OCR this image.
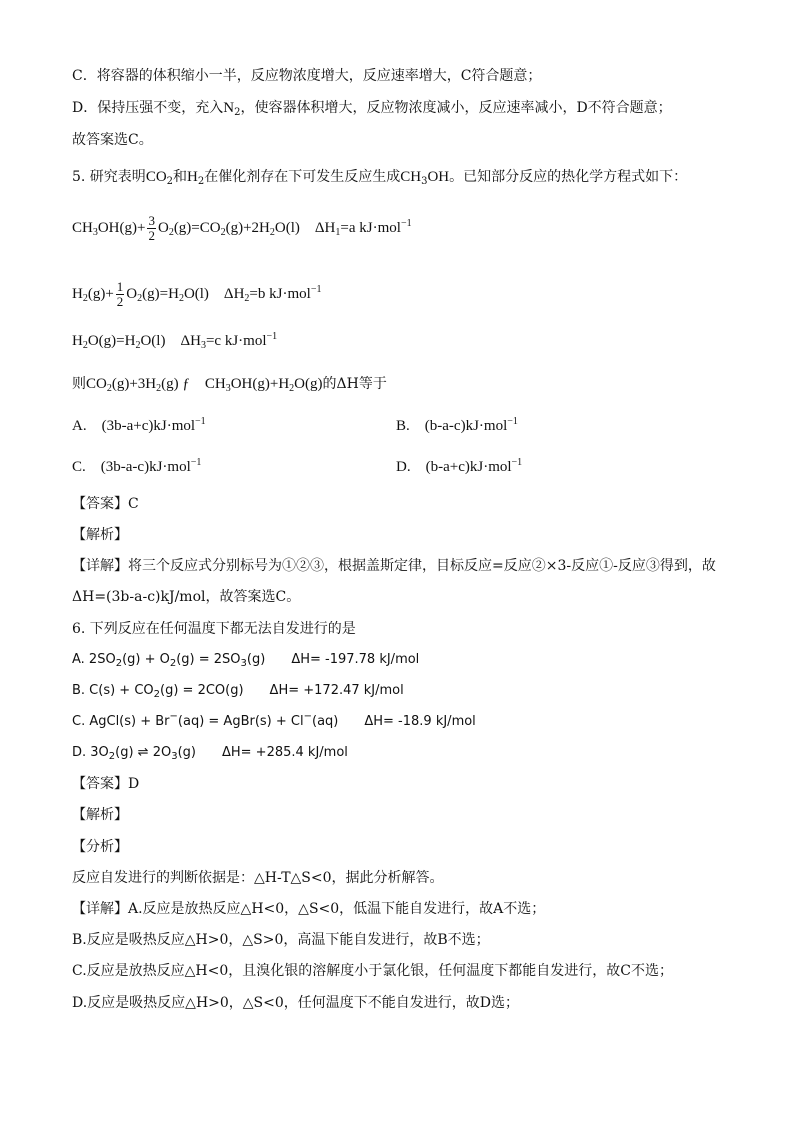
C．将容器的体积缩小一半，反应物浓度增大，反应速率增大，C符合题意；
D．保持压强不变，充入$N_2$，使容器体积增大，反应物浓度减小，反应速率减小，D不符合题意；
故答案选C。
5. 研究表明$CO_2$和$H_2$在催化剂存在下可发生反应生成$CH_3OH$。已知部分反应的热化学方程式如下：
$CH_3OH(g)+ \frac{3}{2} O_2(g)=CO_2(g)+2H_2O(l)$　$\Delta H_1=a$ kJ·mol$^{-1}$
$H_2(g)+ \frac{1}{2} O_2(g)=H_2O(l)$　$\Delta H_2=b$ kJ·mol$^{-1}$
$H_2O(g)=H_2O(l)$　$\Delta H_3=c$ kJ·mol$^{-1}$
则$CO_2(g)+3H_2(g)$ ƒ　$CH_3OH(g)+H_2O(g)$的ΔH等于
A.　 (3b-a+c)kJ·mol$^{-1}$	B.　 (b-a-c)kJ·mol$^{-1}$
C.　 (3b-a-c)kJ·mol$^{-1}$	D.　 (b-a+c)kJ·mol$^{-1}$
【答案】C
【解析】
【详解】将三个反应式分别标号为①②③，根据盖斯定律，目标反应=反应②×3-反应①-反应③得到，故
ΔH=(3b-a-c)kJ/mol，故答案选C。
6. 下列反应在任何温度下都无法自发进行的是
A. $2SO_2(g) + O_2(g) = 2SO_3(g)$　　ΔH= -197.78 kJ/mol
B. $C(s) + CO_2(g) = 2CO(g)$　　ΔH= +172.47 kJ/mol
C. AgCl(s) + Br−(aq) = AgBr(s) + Cl−(aq)　　ΔH= -18.9 kJ/mol
D. $3O_2(g)$ ⇌ $2O_3(g)$　　ΔH= +285.4 kJ/mol
【答案】D
【解析】
【分析】
反应自发进行的判断依据是：△H-T△S<0，据此分析解答。
【详解】A.反应是放热反应△H<0，△S<0，低温下能自发进行，故A不选；
B.反应是吸热反应△H>0，△S>0，高温下能自发进行，故B不选；
C.反应是放热反应△H<0，且溴化银的溶解度小于氯化银，任何温度下都能自发进行，故C不选；
D.反应是吸热反应△H>0，△S<0，任何温度下不能自发进行，故D选；
